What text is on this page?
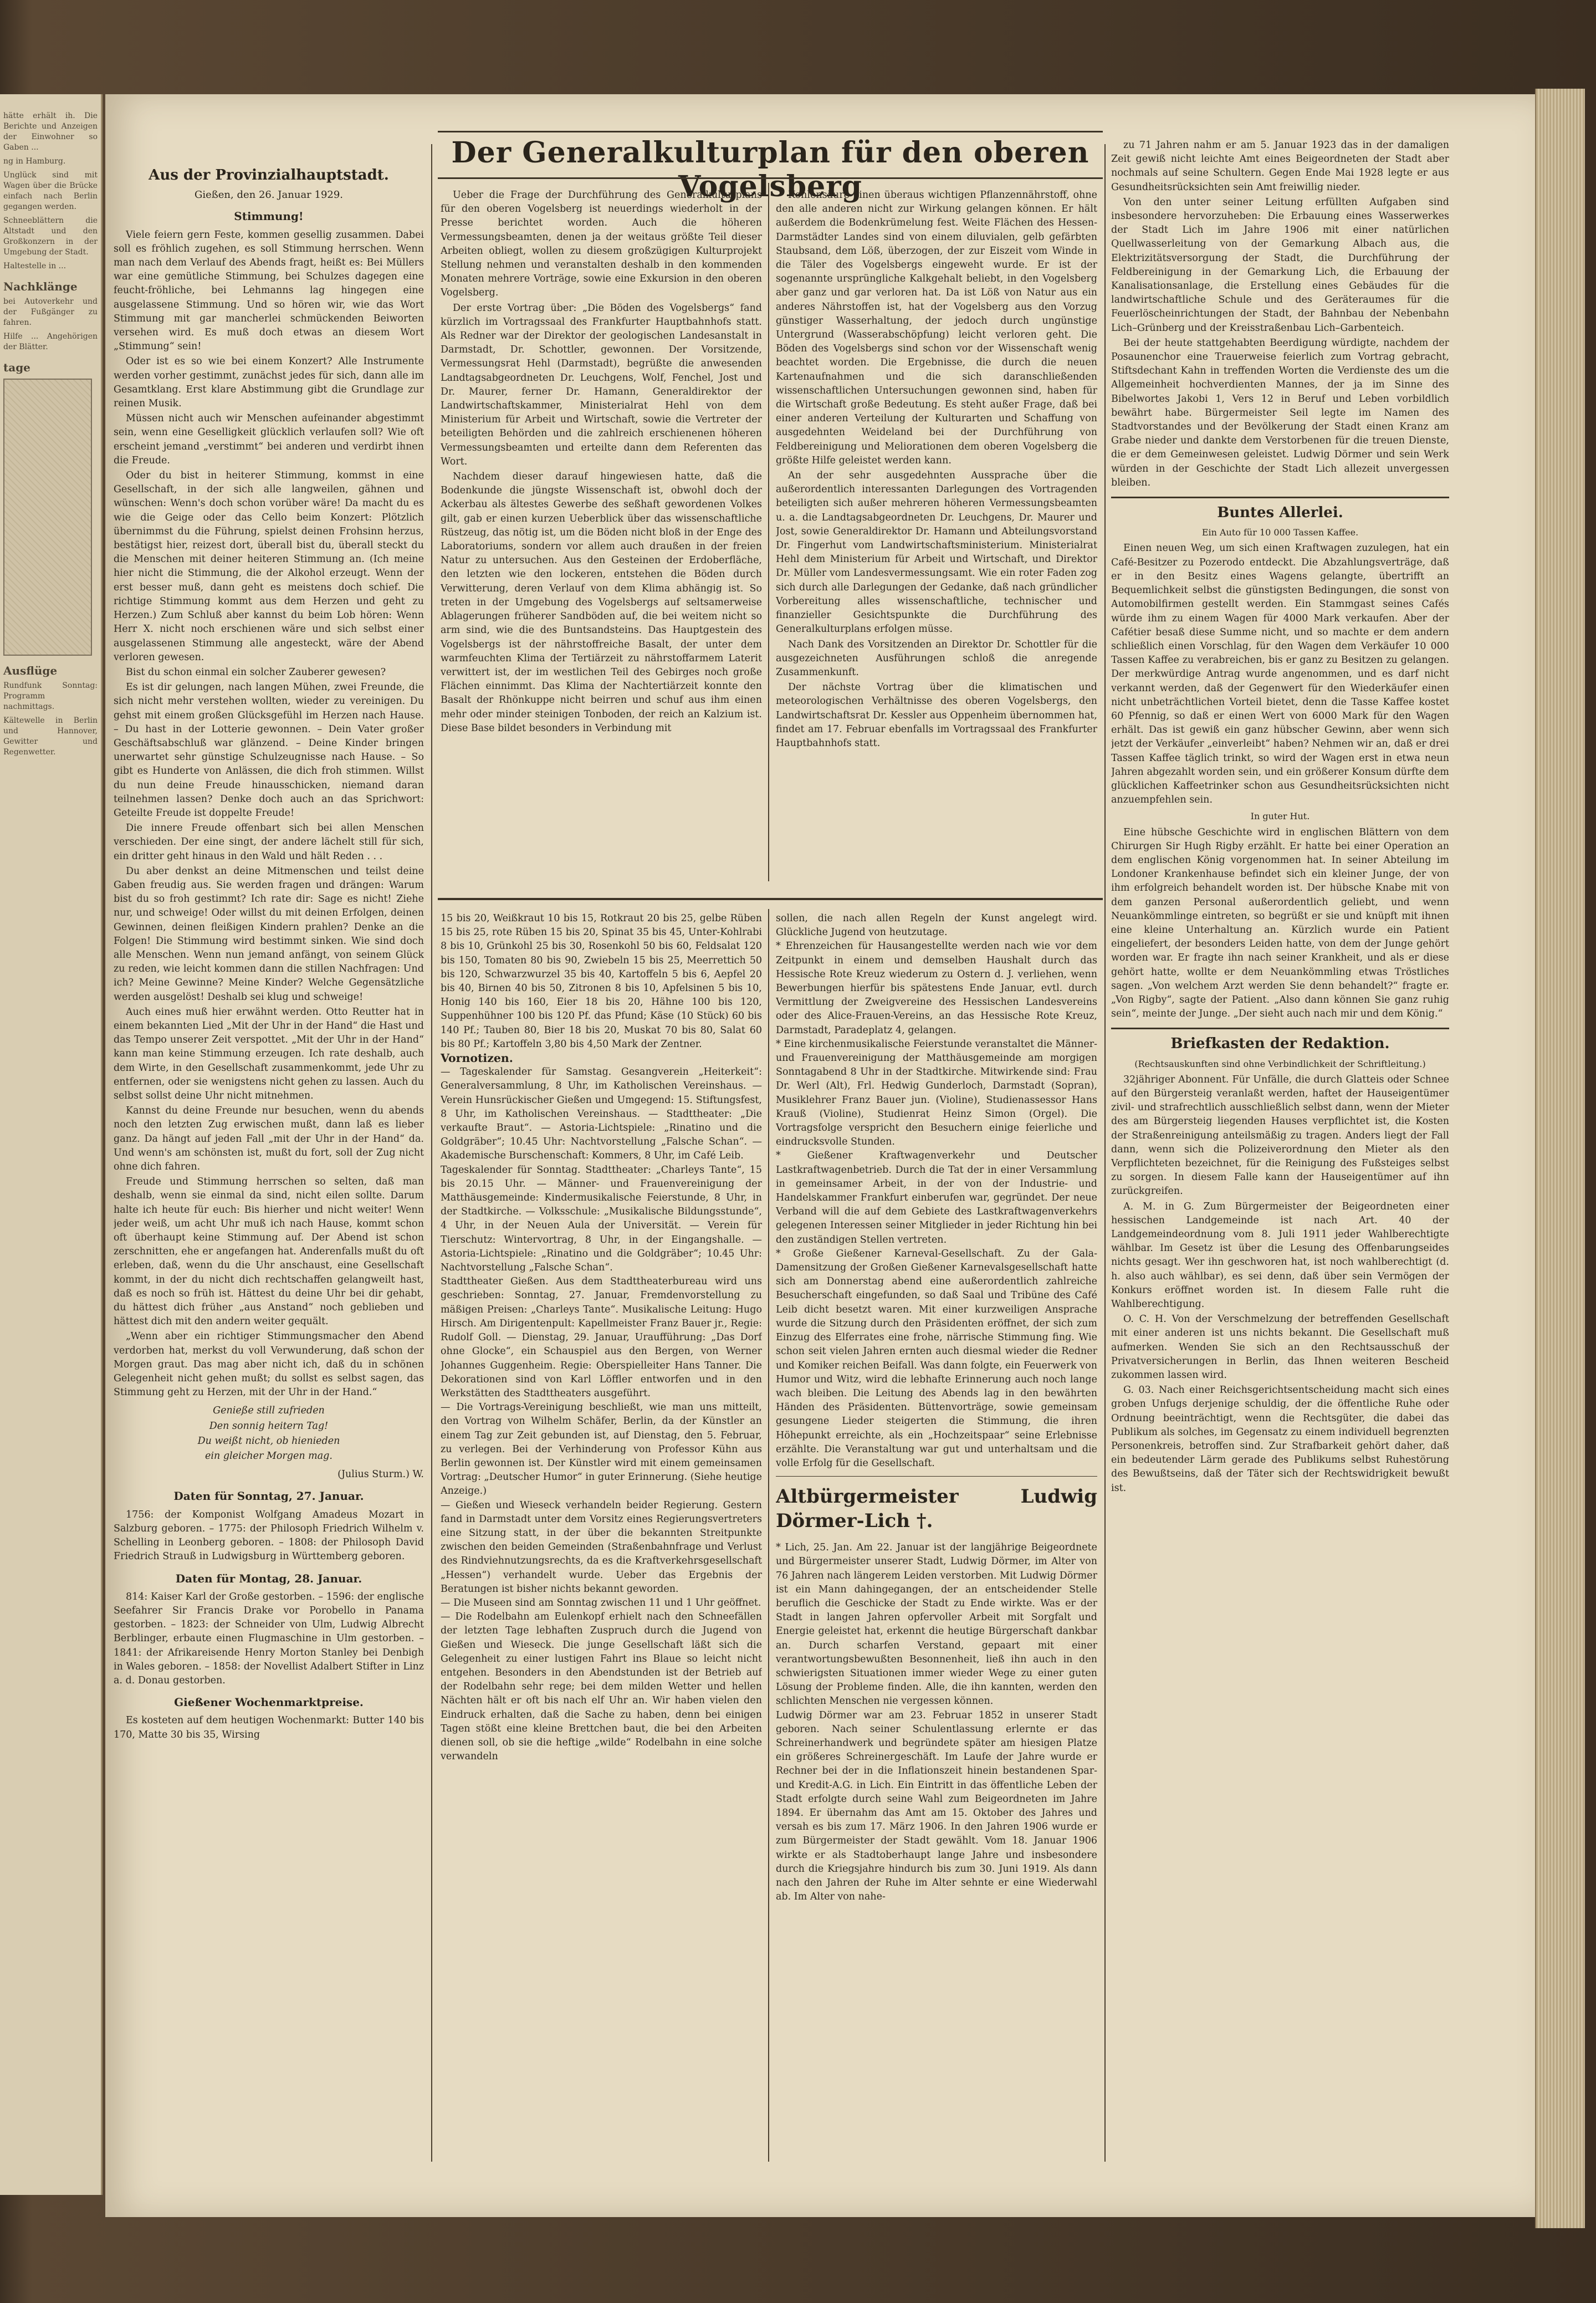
hätte erhält ih. Die Berichte und Anzeigen der Einwohner so Gaben ...

ng in Hamburg.

Unglück sind mit Wagen über die Brücke einfach nach Berlin gegangen werden.

Schneeblättern die Altstadt und den Großkonzern in der Umgebung der Stadt.

Haltestelle in ...

Nachklänge

bei Autoverkehr und der Fußgänger zu fahren.

Hilfe ... Angehörigen der Blätter.

tage
Ausflüge

Rundfunk Sonntag: Programm nachmittags.

Kältewelle in Berlin und Hannover, Gewitter und Regenwetter.

Der Generalkulturplan für den oberen Vogelsberg
Aus der Provinzialhauptstadt.
Gießen, den 26. Januar 1929.
Stimmung!

Viele feiern gern Feste, kommen gesellig zusammen. Dabei soll es fröhlich zugehen, es soll Stimmung herrschen. Wenn man nach dem Verlauf des Abends fragt, heißt es: Bei Müllers war eine gemütliche Stimmung, bei Schulzes dagegen eine feucht-fröhliche, bei Lehmanns lag hingegen eine ausgelassene Stimmung. Und so hören wir, wie das Wort Stimmung mit gar mancherlei schmückenden Beiworten versehen wird. Es muß doch etwas an diesem Wort „Stimmung“ sein!

Oder ist es so wie bei einem Konzert? Alle Instrumente werden vorher gestimmt, zunächst jedes für sich, dann alle im Gesamtklang. Erst klare Abstimmung gibt die Grundlage zur reinen Musik.

Müssen nicht auch wir Menschen aufeinander abgestimmt sein, wenn eine Geselligkeit glücklich verlaufen soll? Wie oft erscheint jemand „verstimmt“ bei anderen und verdirbt ihnen die Freude.

Oder du bist in heiterer Stimmung, kommst in eine Gesellschaft, in der sich alle langweilen, gähnen und wünschen: Wenn's doch schon vorüber wäre! Da macht du es wie die Geige oder das Cello beim Konzert: Plötzlich übernimmst du die Führung, spielst deinen Frohsinn herzus, bestätigst hier, reizest dort, überall bist du, überall steckt du die Menschen mit deiner heiteren Stimmung an. (Ich meine hier nicht die Stimmung, die der Alkohol erzeugt. Wenn der erst besser muß, dann geht es meistens doch schief. Die richtige Stimmung kommt aus dem Herzen und geht zu Herzen.) Zum Schluß aber kannst du beim Lob hören: Wenn Herr X. nicht noch erschienen wäre und sich selbst einer ausgelassenen Stimmung alle angesteckt, wäre der Abend verloren gewesen.

Bist du schon einmal ein solcher Zauberer gewesen?

Es ist dir gelungen, nach langen Mühen, zwei Freunde, die sich nicht mehr verstehen wollten, wieder zu vereinigen. Du gehst mit einem großen Glücksgefühl im Herzen nach Hause. – Du hast in der Lotterie gewonnen. – Dein Vater großer Geschäftsabschluß war glänzend. – Deine Kinder bringen unerwartet sehr günstige Schulzeugnisse nach Hause. – So gibt es Hunderte von Anlässen, die dich froh stimmen. Willst du nun deine Freude hinausschicken, niemand daran teilnehmen lassen? Denke doch auch an das Sprichwort: Geteilte Freude ist doppelte Freude!

Die innere Freude offenbart sich bei allen Menschen verschieden. Der eine singt, der andere lächelt still für sich, ein dritter geht hinaus in den Wald und hält Reden . . .

Du aber denkst an deine Mitmenschen und teilst deine Gaben freudig aus. Sie werden fragen und drängen: Warum bist du so froh gestimmt? Ich rate dir: Sage es nicht! Ziehe nur, und schweige! Oder willst du mit deinen Erfolgen, deinen Gewinnen, deinen fleißigen Kindern prahlen? Denke an die Folgen! Die Stimmung wird bestimmt sinken. Wie sind doch alle Menschen. Wenn nun jemand anfängt, von seinem Glück zu reden, wie leicht kommen dann die stillen Nachfragen: Und ich? Meine Gewinne? Meine Kinder? Welche Gegensätzliche werden ausgelöst! Deshalb sei klug und schweige!

Auch eines muß hier erwähnt werden. Otto Reutter hat in einem bekannten Lied „Mit der Uhr in der Hand“ die Hast und das Tempo unserer Zeit verspottet. „Mit der Uhr in der Hand“ kann man keine Stimmung erzeugen. Ich rate deshalb, auch dem Wirte, in den Gesellschaft zusammenkommt, jede Uhr zu entfernen, oder sie wenigstens nicht gehen zu lassen. Auch du selbst sollst deine Uhr nicht mitnehmen.

Kannst du deine Freunde nur besuchen, wenn du abends noch den letzten Zug erwischen mußt, dann laß es lieber ganz. Da hängt auf jeden Fall „mit der Uhr in der Hand“ da. Und wenn's am schönsten ist, mußt du fort, soll der Zug nicht ohne dich fahren.

Freude und Stimmung herrschen so selten, daß man deshalb, wenn sie einmal da sind, nicht eilen sollte. Darum halte ich heute für euch: Bis hierher und nicht weiter! Wenn jeder weiß, um acht Uhr muß ich nach Hause, kommt schon oft überhaupt keine Stimmung auf. Der Abend ist schon zerschnitten, ehe er angefangen hat. Anderenfalls mußt du oft erleben, daß, wenn du die Uhr anschaust, eine Gesellschaft kommt, in der du nicht dich rechtschaffen gelangweilt hast, daß es noch so früh ist. Hättest du deine Uhr bei dir gehabt, du hättest dich früher „aus Anstand“ noch geblieben und hättest dich mit den andern weiter gequält.

„Wenn aber ein richtiger Stimmungsmacher den Abend verdorben hat, merkst du voll Verwunderung, daß schon der Morgen graut. Das mag aber nicht ich, daß du in schönen Gelegenheit nicht gehen mußt; du sollst es selbst sagen, das Stimmung geht zu Herzen, mit der Uhr in der Hand.“

Genieße still zufrieden

Den sonnig heitern Tag!

Du weißt nicht, ob hienieden

ein gleicher Morgen mag.

(Julius Sturm.) W.
Daten für Sonntag, 27. Januar.

1756: der Komponist Wolfgang Amadeus Mozart in Salzburg geboren. – 1775: der Philosoph Friedrich Wilhelm v. Schelling in Leonberg geboren. – 1808: der Philosoph David Friedrich Strauß in Ludwigsburg in Württemberg geboren.

Daten für Montag, 28. Januar.

814: Kaiser Karl der Große gestorben. – 1596: der englische Seefahrer Sir Francis Drake vor Porobello in Panama gestorben. – 1823: der Schneider von Ulm, Ludwig Albrecht Berblinger, erbaute einen Flugmaschine in Ulm gestorben. – 1841: der Afrikareisende Henry Morton Stanley bei Denbigh in Wales geboren. – 1858: der Novellist Adalbert Stifter in Linz a. d. Donau gestorben.

Gießener Wochenmarktpreise.

Es kosteten auf dem heutigen Wochenmarkt: Butter 140 bis 170, Matte 30 bis 35, Wirsing

Ueber die Frage der Durchführung des Generalkulturplans für den oberen Vogelsberg ist neuerdings wiederholt in der Presse berichtet worden. Auch die höheren Vermessungsbeamten, denen ja der weitaus größte Teil dieser Arbeiten obliegt, wollen zu diesem großzügigen Kulturprojekt Stellung nehmen und veranstalten deshalb in den kommenden Monaten mehrere Vorträge, sowie eine Exkursion in den oberen Vogelsberg.

Der erste Vortrag über: „Die Böden des Vogelsbergs“ fand kürzlich im Vortragssaal des Frankfurter Hauptbahnhofs statt. Als Redner war der Direktor der geologischen Landesanstalt in Darmstadt, Dr. Schottler, gewonnen. Der Vorsitzende, Vermessungsrat Hehl (Darmstadt), begrüßte die anwesenden Landtagsabgeordneten Dr. Leuchgens, Wolf, Fenchel, Jost und Dr. Maurer, ferner Dr. Hamann, Generaldirektor der Landwirtschaftskammer, Ministerialrat Hehl von dem Ministerium für Arbeit und Wirtschaft, sowie die Vertreter der beteiligten Behörden und die zahlreich erschienenen höheren Vermessungsbeamten und erteilte dann dem Referenten das Wort.

Nachdem dieser darauf hingewiesen hatte, daß die Bodenkunde die jüngste Wissenschaft ist, obwohl doch der Ackerbau als ältestes Gewerbe des seßhaft gewordenen Volkes gilt, gab er einen kurzen Ueberblick über das wissenschaftliche Rüstzeug, das nötig ist, um die Böden nicht bloß in der Enge des Laboratoriums, sondern vor allem auch draußen in der freien Natur zu untersuchen. Aus den Gesteinen der Erdoberfläche, den letzten wie den lockeren, entstehen die Böden durch Verwitterung, deren Verlauf von dem Klima abhängig ist. So treten in der Umgebung des Vogelsbergs auf seltsamerweise Ablagerungen früherer Sandböden auf, die bei weitem nicht so arm sind, wie die des Buntsandsteins. Das Hauptgestein des Vogelsbergs ist der nährstoffreiche Basalt, der unter dem warmfeuchten Klima der Tertiärzeit zu nährstoffarmem Laterit verwittert ist, der im westlichen Teil des Gebirges noch große Flächen einnimmt. Das Klima der Nachtertiärzeit konnte den Basalt der Rhönkuppe nicht beirren und schuf aus ihm einen mehr oder minder steinigen Tonboden, der reich an Kalzium ist. Diese Base bildet besonders in Verbindung mit

Kohlensäure einen überaus wichtigen Pflanzennährstoff, ohne den alle anderen nicht zur Wirkung gelangen können. Er hält außerdem die Bodenkrümelung fest. Weite Flächen des Hessen-Darmstädter Landes sind von einem diluvialen, gelb gefärbten Staubsand, dem Löß, überzogen, der zur Eiszeit vom Winde in die Täler des Vogelsbergs eingeweht wurde. Er ist der sogenannte ursprüngliche Kalkgehalt beliebt, in den Vogelsberg aber ganz und gar verloren hat. Da ist Löß von Natur aus ein anderes Nährstoffen ist, hat der Vogelsberg aus den Vorzug günstiger Wasserhaltung, der jedoch durch ungünstige Untergrund (Wasserabschöpfung) leicht verloren geht. Die Böden des Vogelsbergs sind schon vor der Wissenschaft wenig beachtet worden. Die Ergebnisse, die durch die neuen Kartenaufnahmen und die sich daranschließenden wissenschaftlichen Untersuchungen gewonnen sind, haben für die Wirtschaft große Bedeutung. Es steht außer Frage, daß bei einer anderen Verteilung der Kulturarten und Schaffung von ausgedehnten Weideland bei der Durchführung von Feldbereinigung und Meliorationen dem oberen Vogelsberg die größte Hilfe geleistet werden kann.

An der sehr ausgedehnten Aussprache über die außerordentlich interessanten Darlegungen des Vortragenden beteiligten sich außer mehreren höheren Vermessungsbeamten u. a. die Landtagsabgeordneten Dr. Leuchgens, Dr. Maurer und Jost, sowie Generaldirektor Dr. Hamann und Abteilungsvorstand Dr. Fingerhut vom Landwirtschaftsministerium. Ministerialrat Hehl dem Ministerium für Arbeit und Wirtschaft, und Direktor Dr. Müller vom Landesvermessungsamt. Wie ein roter Faden zog sich durch alle Darlegungen der Gedanke, daß nach gründlicher Vorbereitung alles wissenschaftliche, technischer und finanzieller Gesichtspunkte die Durchführung des Generalkulturplans erfolgen müsse.

Nach Dank des Vorsitzenden an Direktor Dr. Schottler für die ausgezeichneten Ausführungen schloß die anregende Zusammenkunft.

Der nächste Vortrag über die klimatischen und meteorologischen Verhältnisse des oberen Vogelsbergs, den Landwirtschaftsrat Dr. Kessler aus Oppenheim übernommen hat, findet am 17. Februar ebenfalls im Vortragssaal des Frankfurter Hauptbahnhofs statt.

15 bis 20, Weißkraut 10 bis 15, Rotkraut 20 bis 25, gelbe Rüben 15 bis 25, rote Rüben 15 bis 20, Spinat 35 bis 45, Unter-Kohlrabi 8 bis 10, Grünkohl 25 bis 30, Rosenkohl 50 bis 60, Feldsalat 120 bis 150, Tomaten 80 bis 90, Zwiebeln 15 bis 25, Meerrettich 50 bis 120, Schwarzwurzel 35 bis 40, Kartoffeln 5 bis 6, Aepfel 20 bis 40, Birnen 40 bis 50, Zitronen 8 bis 10, Apfelsinen 5 bis 10, Honig 140 bis 160, Eier 18 bis 20, Hähne 100 bis 120, Suppenhühner 100 bis 120 Pf. das Pfund; Käse (10 Stück) 60 bis 140 Pf.; Tauben 80, Bier 18 bis 20, Muskat 70 bis 80, Salat 60 bis 80 Pf.; Kartoffeln 3,80 bis 4,50 Mark der Zentner.

Vornotizen.

— Tageskalender für Samstag. Gesangverein „Heiterkeit“: Generalversammlung, 8 Uhr, im Katholischen Vereinshaus. — Verein Hunsrückischer Gießen und Umgegend: 15. Stiftungsfest, 8 Uhr, im Katholischen Vereinshaus. — Stadttheater: „Die verkaufte Braut“. — Astoria-Lichtspiele: „Rinatino und die Goldgräber“; 10.45 Uhr: Nachtvorstellung „Falsche Schan“. — Akademische Burschenschaft: Kommers, 8 Uhr, im Café Leib.

Tageskalender für Sonntag. Stadttheater: „Charleys Tante“, 15 bis 20.15 Uhr. — Männer- und Frauenvereinigung der Matthäusgemeinde: Kindermusikalische Feierstunde, 8 Uhr, in der Stadtkirche. — Volksschule: „Musikalische Bildungsstunde“, 4 Uhr, in der Neuen Aula der Universität. — Verein für Tierschutz: Wintervortrag, 8 Uhr, in der Eingangshalle. — Astoria-Lichtspiele: „Rinatino und die Goldgräber“; 10.45 Uhr: Nachtvorstellung „Falsche Schan“.

Stadttheater Gießen. Aus dem Stadttheaterbureau wird uns geschrieben: Sonntag, 27. Januar, Fremdenvorstellung zu mäßigen Preisen: „Charleys Tante“. Musikalische Leitung: Hugo Hirsch. Am Dirigentenpult: Kapellmeister Franz Bauer jr., Regie: Rudolf Goll. — Dienstag, 29. Januar, Uraufführung: „Das Dorf ohne Glocke“, ein Schauspiel aus den Bergen, von Werner Johannes Guggenheim. Regie: Oberspielleiter Hans Tanner. Die Dekorationen sind von Karl Löffler entworfen und in den Werkstätten des Stadttheaters ausgeführt.

— Die Vortrags-Vereinigung beschließt, wie man uns mitteilt, den Vortrag von Wilhelm Schäfer, Berlin, da der Künstler an einem Tag zur Zeit gebunden ist, auf Dienstag, den 5. Februar, zu verlegen. Bei der Verhinderung von Professor Kühn aus Berlin gewonnen ist. Der Künstler wird mit einem gemeinsamen Vortrag: „Deutscher Humor“ in guter Erinnerung. (Siehe heutige Anzeige.)

— Gießen und Wieseck verhandeln beider Regierung. Gestern fand in Darmstadt unter dem Vorsitz eines Regierungsvertreters eine Sitzung statt, in der über die bekannten Streitpunkte zwischen den beiden Gemeinden (Straßenbahnfrage und Verlust des Rindviehnutzungsrechts, da es die Kraftverkehrsgesellschaft „Hessen“) verhandelt wurde. Ueber das Ergebnis der Beratungen ist bisher nichts bekannt geworden.

— Die Museen sind am Sonntag zwischen 11 und 1 Uhr geöffnet.

— Die Rodelbahn am Eulenkopf erhielt nach den Schneefällen der letzten Tage lebhaften Zuspruch durch die Jugend von Gießen und Wieseck. Die junge Gesellschaft läßt sich die Gelegenheit zu einer lustigen Fahrt ins Blaue so leicht nicht entgehen. Besonders in den Abendstunden ist der Betrieb auf der Rodelbahn sehr rege; bei dem milden Wetter und hellen Nächten hält er oft bis nach elf Uhr an. Wir haben vielen den Eindruck erhalten, daß die Sache zu haben, denn bei einigen Tagen stößt eine kleine Brettchen baut, die bei den Arbeiten dienen soll, ob sie die heftige „wilde“ Rodelbahn in eine solche verwandeln

sollen, die nach allen Regeln der Kunst angelegt wird. Glückliche Jugend von heutzutage.

* Ehrenzeichen für Hausangestellte werden nach wie vor dem Zeitpunkt in einem und demselben Haushalt durch das Hessische Rote Kreuz wiederum zu Ostern d. J. verliehen, wenn Bewerbungen hierfür bis spätestens Ende Januar, evtl. durch Vermittlung der Zweigvereine des Hessischen Landesvereins oder des Alice-Frauen-Vereins, an das Hessische Rote Kreuz, Darmstadt, Paradeplatz 4, gelangen.

* Eine kirchenmusikalische Feierstunde veranstaltet die Männer- und Frauenvereinigung der Matthäusgemeinde am morgigen Sonntagabend 8 Uhr in der Stadtkirche. Mitwirkende sind: Frau Dr. Werl (Alt), Frl. Hedwig Gunderloch, Darmstadt (Sopran), Musiklehrer Franz Bauer jun. (Violine), Studienassessor Hans Krauß (Violine), Studienrat Heinz Simon (Orgel). Die Vortragsfolge verspricht den Besuchern einige feierliche und eindrucksvolle Stunden.

* Gießener Kraftwagenverkehr und Deutscher Lastkraftwagenbetrieb. Durch die Tat der in einer Versammlung in gemeinsamer Arbeit, in der von der Industrie- und Handelskammer Frankfurt einberufen war, gegründet. Der neue Verband will die auf dem Gebiete des Lastkraftwagenverkehrs gelegenen Interessen seiner Mitglieder in jeder Richtung hin bei den zuständigen Stellen vertreten.

* Große Gießener Karneval-Gesellschaft. Zu der Gala-Damensitzung der Großen Gießener Karnevalsgesellschaft hatte sich am Donnerstag abend eine außerordentlich zahlreiche Besucherschaft eingefunden, so daß Saal und Tribüne des Café Leib dicht besetzt waren. Mit einer kurzweiligen Ansprache wurde die Sitzung durch den Präsidenten eröffnet, der sich zum Einzug des Elferrates eine frohe, närrische Stimmung fing. Wie schon seit vielen Jahren ernten auch diesmal wieder die Redner und Komiker reichen Beifall. Was dann folgte, ein Feuerwerk von Humor und Witz, wird die lebhafte Erinnerung auch noch lange wach bleiben. Die Leitung des Abends lag in den bewährten Händen des Präsidenten. Büttenvorträge, sowie gemeinsam gesungene Lieder steigerten die Stimmung, die ihren Höhepunkt erreichte, als ein „Hochzeitspaar“ seine Erlebnisse erzählte. Die Veranstaltung war gut und unterhaltsam und die volle Erfolg für die Gesellschaft.

Altbürgermeister Ludwig Dörmer-Lich †.

* Lich, 25. Jan. Am 22. Januar ist der langjährige Beigeordnete und Bürgermeister unserer Stadt, Ludwig Dörmer, im Alter von 76 Jahren nach längerem Leiden verstorben. Mit Ludwig Dörmer ist ein Mann dahingegangen, der an entscheidender Stelle beruflich die Geschicke der Stadt zu Ende wirkte. Was er der Stadt in langen Jahren opfervoller Arbeit mit Sorgfalt und Energie geleistet hat, erkennt die heutige Bürgerschaft dankbar an. Durch scharfen Verstand, gepaart mit einer verantwortungsbewußten Besonnenheit, ließ ihn auch in den schwierigsten Situationen immer wieder Wege zu einer guten Lösung der Probleme finden. Alle, die ihn kannten, werden den schlichten Menschen nie vergessen können.

Ludwig Dörmer war am 23. Februar 1852 in unserer Stadt geboren. Nach seiner Schulentlassung erlernte er das Schreinerhandwerk und begründete später am hiesigen Platze ein größeres Schreinergeschäft. Im Laufe der Jahre wurde er Rechner bei der in die Inflationszeit hinein bestandenen Spar- und Kredit-A.G. in Lich. Ein Eintritt in das öffentliche Leben der Stadt erfolgte durch seine Wahl zum Beigeordneten im Jahre 1894. Er übernahm das Amt am 15. Oktober des Jahres und versah es bis zum 17. März 1906. In den Jahren 1906 wurde er zum Bürgermeister der Stadt gewählt. Vom 18. Januar 1906 wirkte er als Stadtoberhaupt lange Jahre und insbesondere durch die Kriegsjahre hindurch bis zum 30. Juni 1919. Als dann nach den Jahren der Ruhe im Alter sehnte er eine Wiederwahl ab. Im Alter von nahe-

zu 71 Jahren nahm er am 5. Januar 1923 das in der damaligen Zeit gewiß nicht leichte Amt eines Beigeordneten der Stadt aber nochmals auf seine Schultern. Gegen Ende Mai 1928 legte er aus Gesundheitsrücksichten sein Amt freiwillig nieder.

Von den unter seiner Leitung erfüllten Aufgaben sind insbesondere hervorzuheben: Die Erbauung eines Wasserwerkes der Stadt Lich im Jahre 1906 mit einer natürlichen Quellwasserleitung von der Gemarkung Albach aus, die Elektrizitätsversorgung der Stadt, die Durchführung der Feldbereinigung in der Gemarkung Lich, die Erbauung der Kanalisationsanlage, die Erstellung eines Gebäudes für die landwirtschaftliche Schule und des Geräteraumes für die Feuerlöscheinrichtungen der Stadt, der Bahnbau der Nebenbahn Lich–Grünberg und der Kreisstraßenbau Lich–Garbenteich.

Bei der heute stattgehabten Beerdigung würdigte, nachdem der Posaunenchor eine Trauerweise feierlich zum Vortrag gebracht, Stiftsdechant Kahn in treffenden Worten die Verdienste des um die Allgemeinheit hochverdienten Mannes, der ja im Sinne des Bibelwortes Jakobi 1, Vers 12 in Beruf und Leben vorbildlich bewährt habe. Bürgermeister Seil legte im Namen des Stadtvorstandes und der Bevölkerung der Stadt einen Kranz am Grabe nieder und dankte dem Verstorbenen für die treuen Dienste, die er dem Gemeinwesen geleistet. Ludwig Dörmer und sein Werk würden in der Geschichte der Stadt Lich allezeit unvergessen bleiben.

Buntes Allerlei.
Ein Auto für 10 000 Tassen Kaffee.

Einen neuen Weg, um sich einen Kraftwagen zuzulegen, hat ein Café-Besitzer zu Pozerodo entdeckt. Die Abzahlungsverträge, daß er in den Besitz eines Wagens gelangte, übertrifft an Bequemlichkeit selbst die günstigsten Bedingungen, die sonst von Automobilfirmen gestellt werden. Ein Stammgast seines Cafés würde ihm zu einem Wagen für 4000 Mark verkaufen. Aber der Cafétier besaß diese Summe nicht, und so machte er dem andern schließlich einen Vorschlag, für den Wagen dem Verkäufer 10 000 Tassen Kaffee zu verabreichen, bis er ganz zu Besitzen zu gelangen. Der merkwürdige Antrag wurde angenommen, und es darf nicht verkannt werden, daß der Gegenwert für den Wiederkäufer einen nicht unbeträchtlichen Vorteil bietet, denn die Tasse Kaffee kostet 60 Pfennig, so daß er einen Wert von 6000 Mark für den Wagen erhält. Das ist gewiß ein ganz hübscher Gewinn, aber wenn sich jetzt der Verkäufer „einverleibt“ haben? Nehmen wir an, daß er drei Tassen Kaffee täglich trinkt, so wird der Wagen erst in etwa neun Jahren abgezahlt worden sein, und ein größerer Konsum dürfte dem glücklichen Kaffeetrinker schon aus Gesundheitsrücksichten nicht anzuempfehlen sein.

In guter Hut.

Eine hübsche Geschichte wird in englischen Blättern von dem Chirurgen Sir Hugh Rigby erzählt. Er hatte bei einer Operation an dem englischen König vorgenommen hat. In seiner Abteilung im Londoner Krankenhause befindet sich ein kleiner Junge, der von ihm erfolgreich behandelt worden ist. Der hübsche Knabe mit von dem ganzen Personal außerordentlich geliebt, und wenn Neuankömmlinge eintreten, so begrüßt er sie und knüpft mit ihnen eine kleine Unterhaltung an. Kürzlich wurde ein Patient eingeliefert, der besonders Leiden hatte, von dem der Junge gehört worden war. Er fragte ihn nach seiner Krankheit, und als er diese gehört hatte, wollte er dem Neuankömmling etwas Tröstliches sagen. „Von welchem Arzt werden Sie denn behandelt?“ fragte er. „Von Rigby“, sagte der Patient. „Also dann können Sie ganz ruhig sein“, meinte der Junge. „Der sieht auch nach mir und dem König.“

Briefkasten der Redaktion.
(Rechtsauskunften sind ohne Verbindlichkeit der Schriftleitung.)

32jähriger Abonnent. Für Unfälle, die durch Glatteis oder Schnee auf den Bürgersteig veranlaßt werden, haftet der Hauseigentümer zivil- und strafrechtlich ausschließlich selbst dann, wenn der Mieter des am Bürgersteig liegenden Hauses verpflichtet ist, die Kosten der Straßenreinigung anteilsmäßig zu tragen. Anders liegt der Fall dann, wenn sich die Polizeiverordnung den Mieter als den Verpflichteten bezeichnet, für die Reinigung des Fußsteiges selbst zu sorgen. In diesem Falle kann der Hauseigentümer auf ihn zurückgreifen.

A. M. in G. Zum Bürgermeister der Beigeordneten einer hessischen Landgemeinde ist nach Art. 40 der Landgemeindeordnung vom 8. Juli 1911 jeder Wahlberechtigte wählbar. Im Gesetz ist über die Lesung des Offenbarungseides nichts gesagt. Wer ihn geschworen hat, ist noch wahlberechtigt (d. h. also auch wählbar), es sei denn, daß über sein Vermögen der Konkurs eröffnet worden ist. In diesem Falle ruht die Wahlberechtigung.

O. C. H. Von der Verschmelzung der betreffenden Gesellschaft mit einer anderen ist uns nichts bekannt. Die Gesellschaft muß aufmerken. Wenden Sie sich an den Rechtsausschuß der Privatversicherungen in Berlin, das Ihnen weiteren Bescheid zukommen lassen wird.

G. 03. Nach einer Reichsgerichtsentscheidung macht sich eines groben Unfugs derjenige schuldig, der die öffentliche Ruhe oder Ordnung beeinträchtigt, wenn die Rechtsgüter, die dabei das Publikum als solches, im Gegensatz zu einem individuell begrenzten Personenkreis, betroffen sind. Zur Strafbarkeit gehört daher, daß ein bedeutender Lärm gerade des Publikums selbst Ruhestörung des Bewußtseins, daß der Täter sich der Rechtswidrigkeit bewußt ist.
